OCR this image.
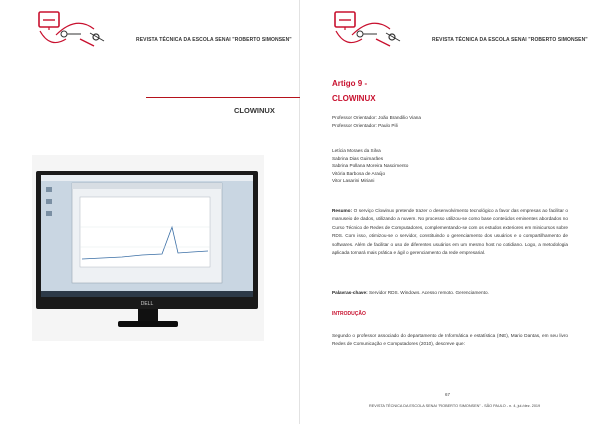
REVISTA TÉCNICA DA ESCOLA SENAI "ROBERTO SIMONSEN"
CLOWINUX
DELL
REVISTA TÉCNICA DA ESCOLA SENAI "ROBERTO SIMONSEN"
Artigo 9 -
CLOWINUX
Professor Orientador: João Brandilio Viana
Professor Orientador: Paulo Pili
Letícia Moraes da Silva
Sabrina Dias Guimarães
Sabrina Pollana Moreira Nascimento
Vitória Barbosa de Araújo
Vitor Lasarini Miriani
Resumo: O serviço Clowinux pretende trazer o desenvolvimento tecnológico a favor das empresas ao facilitar o manuseio de dados, utilizando a nuvem. No processo utilizou-se como base conteúdos eminentes abordados no Curso Técnico de Redes de Computadores, complementando-se com os estudos exteriores em minicursos sobre RDS. Com isso, otimizou-se o servidor, constituindo o gerenciamento dos usuários e o compartilhamento de softwares. Além de facilitar o uso de diferentes usuários em um mesmo host no cotidiano. Logo, a metodologia aplicada tornará mais prática e ágil o gerenciamento da rede empresarial.
Palavras-chave: Servidor RDS. Windows. Acesso remoto. Gerenciamento.
INTRODUÇÃO
Segundo o professor associado do departamento de Informática e estatística (INE), Mario Dantas, em seu livro Redes de Comunicação e Computadores (2010), descreve que:
67
REVISTA TÉCNICA DA ESCOLA SENAI "ROBERTO SIMONSEN" - SÃO PAULO - n. 4, jul./dez. 2019
